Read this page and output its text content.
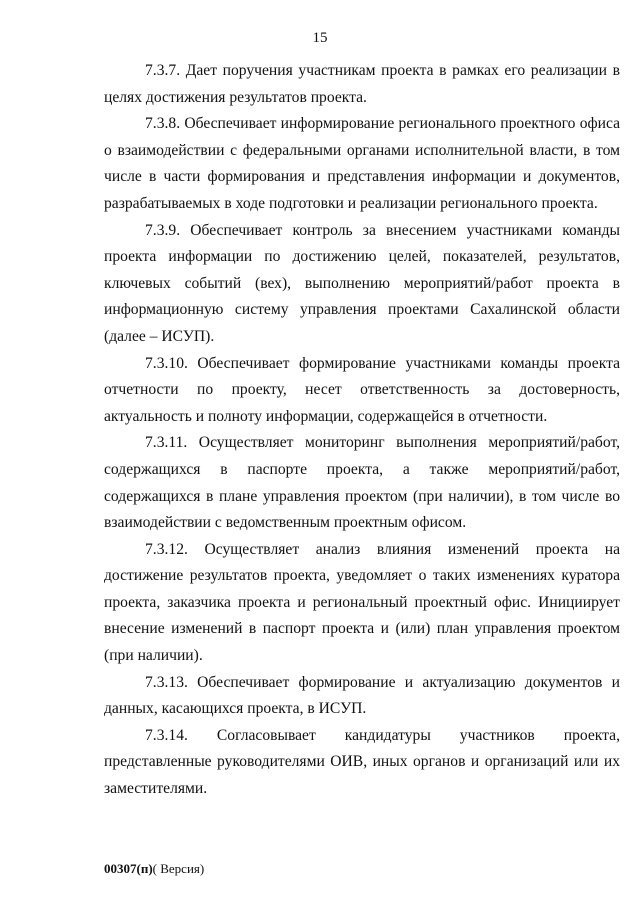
15

7.3.7. Дает поручения участникам проекта в рамках его реализации в целях достижения результатов проекта.

7.3.8. Обеспечивает информирование регионального проектного офиса о взаимодействии с федеральными органами исполнительной власти, в том числе в части формирования и представления информации и документов, разрабатываемых в ходе подготовки и реализации регионального проекта.

7.3.9. Обеспечивает контроль за внесением участниками команды проекта информации по достижению целей, показателей, результатов, ключевых событий (вех), выполнению мероприятий/работ проекта в информационную систему управления проектами Сахалинской области (далее – ИСУП).

7.3.10. Обеспечивает формирование участниками команды проекта отчетности по проекту, несет ответственность за достоверность, актуальность и полноту информации, содержащейся в отчетности.

7.3.11. Осуществляет мониторинг выполнения мероприятий/работ, содержащихся в паспорте проекта, а также мероприятий/работ, содержащихся в плане управления проектом (при наличии), в том числе во взаимодействии с ведомственным проектным офисом.

7.3.12. Осуществляет анализ влияния изменений проекта на достижение результатов проекта, уведомляет о таких изменениях куратора проекта, заказчика проекта и региональный проектный офис. Инициирует внесение изменений в паспорт проекта и (или) план управления проектом (при наличии).

7.3.13. Обеспечивает формирование и актуализацию документов и данных, касающихся проекта, в ИСУП.

7.3.14. Согласовывает кандидатуры участников проекта, представленные руководителями ОИВ, иных органов и организаций или их заместителями.

00307(п)( Версия)
